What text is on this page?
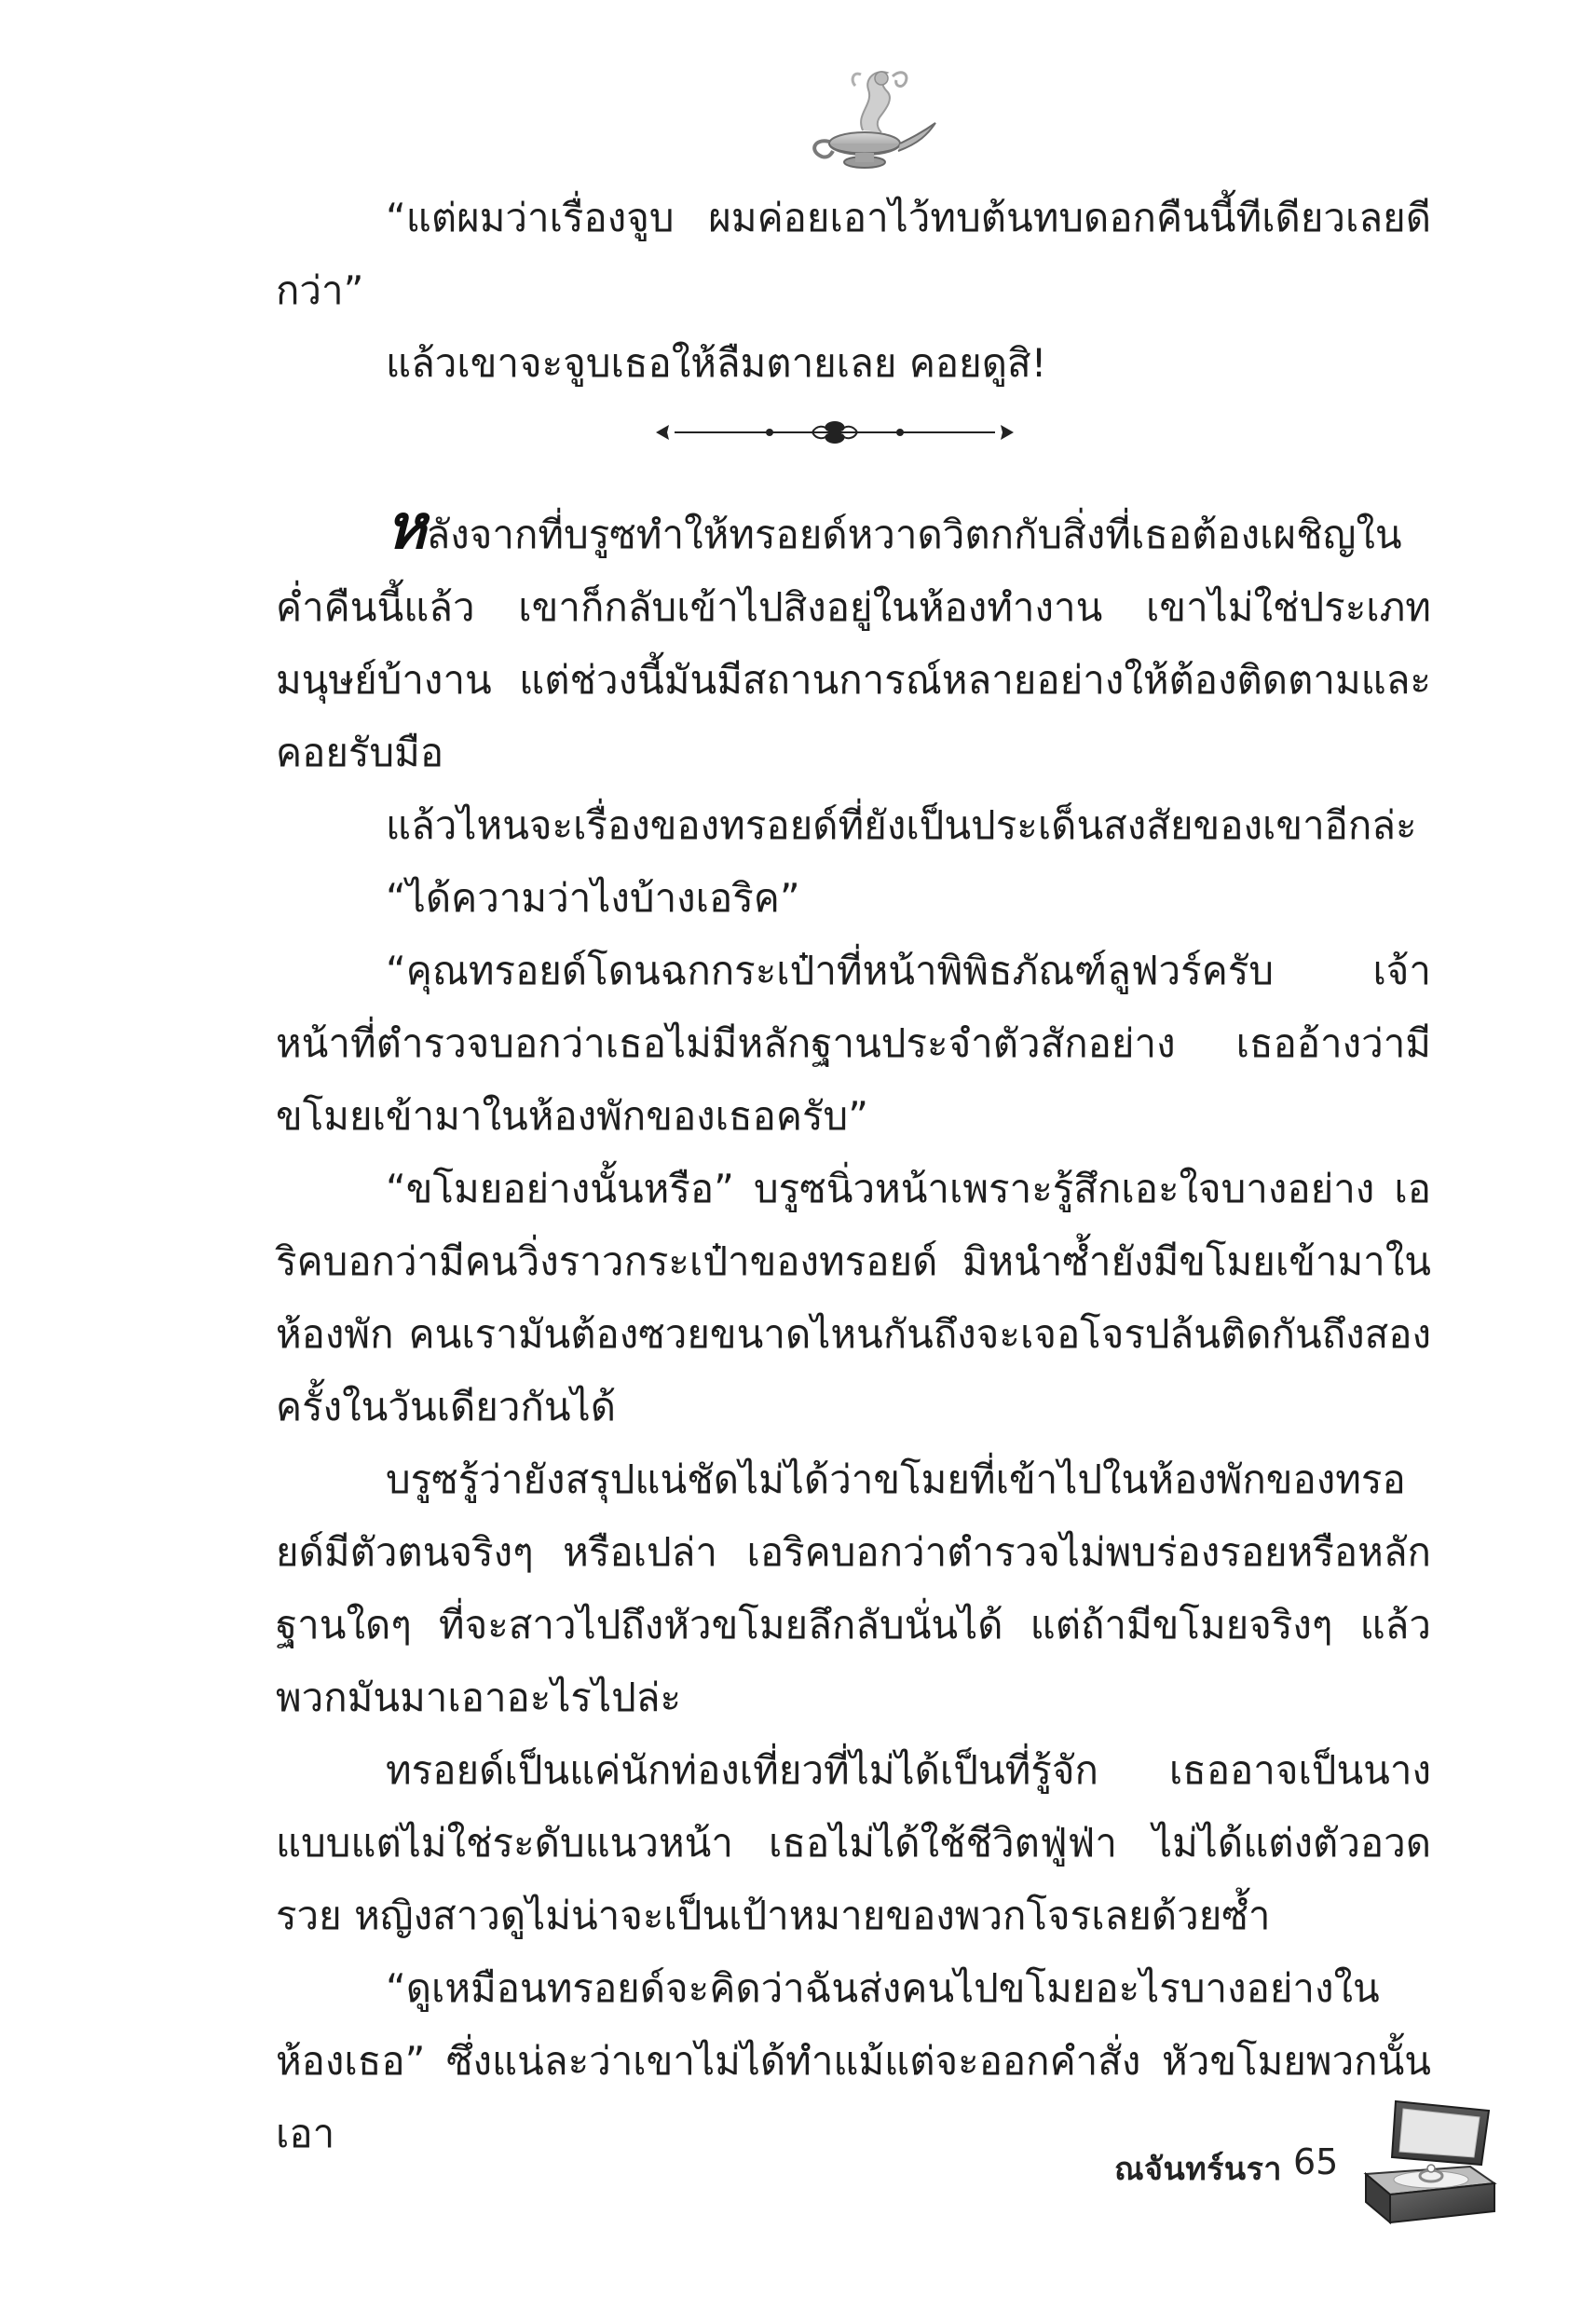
“แต่ผมว่าเรื่องจูบ ผมค่อยเอาไว้ทบต้นทบดอกคืนนี้ทีเดียวเลยดีกว่า”

แล้วเขาจะจูบเธอให้ลืมตายเลย คอยดูสิ!

หลังจากที่บรูซทำให้ทรอยด์หวาดวิตกกับสิ่งที่เธอต้องเผชิญในค่ำคืนนี้แล้ว เขาก็กลับเข้าไปสิงอยู่ในห้องทำงาน เขาไม่ใช่ประเภทมนุษย์บ้างาน แต่ช่วงนี้มันมีสถานการณ์หลายอย่างให้ต้องติดตามและคอยรับมือ

แล้วไหนจะเรื่องของทรอยด์ที่ยังเป็นประเด็นสงสัยของเขาอีกล่ะ

“ได้ความว่าไงบ้างเอริค”

“คุณทรอยด์โดนฉกกระเป๋าที่หน้าพิพิธภัณฑ์ลูฟวร์ครับ เจ้าหน้าที่ตำรวจบอกว่าเธอไม่มีหลักฐานประจำตัวสักอย่าง เธออ้างว่ามีขโมยเข้ามาในห้องพักของเธอครับ”

“ขโมยอย่างนั้นหรือ” บรูซนิ่วหน้าเพราะรู้สึกเอะใจบางอย่าง เอริคบอกว่ามีคนวิ่งราวกระเป๋าของทรอยด์ มิหนำซ้ำยังมีขโมยเข้ามาในห้องพัก คนเรามันต้องซวยขนาดไหนกันถึงจะเจอโจรปล้นติดกันถึงสองครั้งในวันเดียวกันได้

บรูซรู้ว่ายังสรุปแน่ชัดไม่ได้ว่าขโมยที่เข้าไปในห้องพักของทรอยด์มีตัวตนจริงๆ หรือเปล่า เอริคบอกว่าตำรวจไม่พบร่องรอยหรือหลักฐานใดๆ ที่จะสาวไปถึงหัวขโมยลึกลับนั่นได้ แต่ถ้ามีขโมยจริงๆ แล้วพวกมันมาเอาอะไรไปล่ะ

ทรอยด์เป็นแค่นักท่องเที่ยวที่ไม่ได้เป็นที่รู้จัก เธออาจเป็นนางแบบแต่ไม่ใช่ระดับแนวหน้า เธอไม่ได้ใช้ชีวิตฟู่ฟ่า ไม่ได้แต่งตัวอวดรวย หญิงสาวดูไม่น่าจะเป็นเป้าหมายของพวกโจรเลยด้วยซ้ำ

“ดูเหมือนทรอยด์จะคิดว่าฉันส่งคนไปขโมยอะไรบางอย่างในห้องเธอ” ซึ่งแน่ละว่าเขาไม่ได้ทำแม้แต่จะออกคำสั่ง หัวขโมยพวกนั้นเอา

ณจันทร์นรา 65
